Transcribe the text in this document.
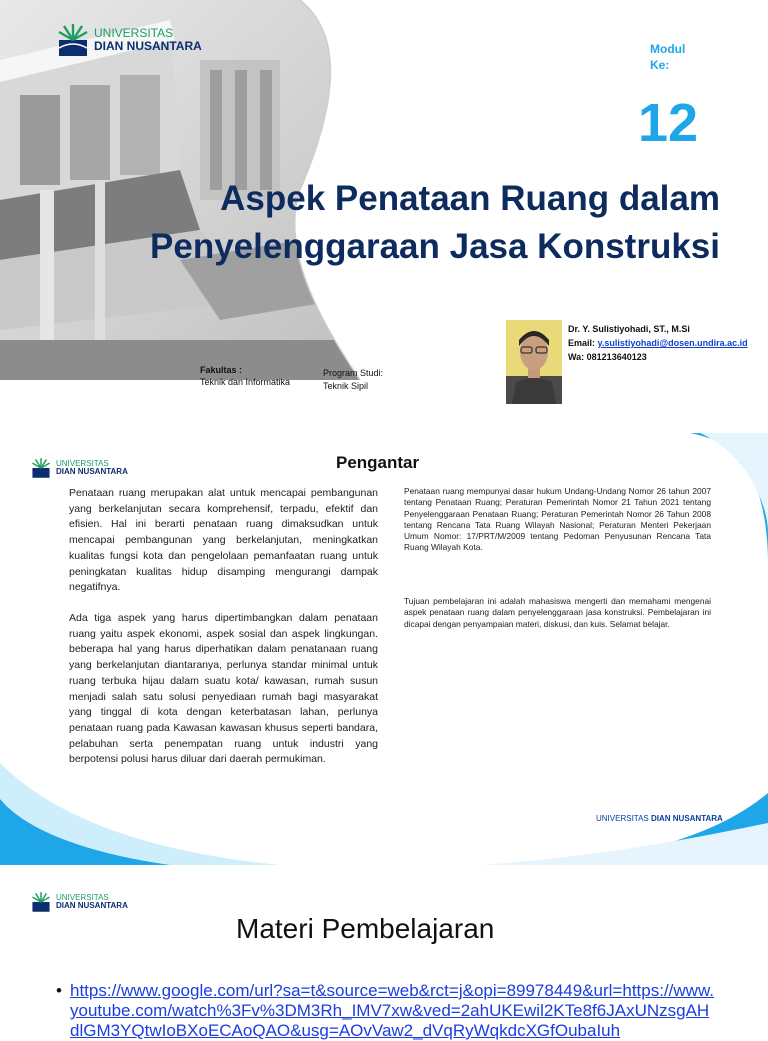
UNIVERSITAS
DIAN NUSANTARA	Modul
Ke:
12
Aspek Penataan Ruang dalam
Penyelenggaraan Jasa Konstruksi
Dr. Y. Sulistiyohadi, ST., M.Si
Email: y.sulistiyohadi@dosen.undira.ac.id
Wa: 081213640123
Fakultas :
Teknik dan Informatika
Program Studi:
Teknik Sipil
UNIVERSITAS
DIAN NUSANTARA	Pengantar

Penataan ruang merupakan alat untuk mencapai pembangunan yang berkelanjutan secara komprehensif, terpadu, efektif dan efisien. Hal ini berarti penataan ruang dimaksudkan untuk mencapai pembangunan yang berkelanjutan, meningkatkan kualitas fungsi kota dan pengelolaan pemanfaatan ruang untuk peningkatan kualitas hidup disamping mengurangi dampak negatifnya.

Ada tiga aspek yang harus dipertimbangkan dalam penataan ruang yaitu aspek ekonomi, aspek sosial dan aspek lingkungan. beberapa hal yang harus diperhatikan dalam penatanaan ruang yang berkelanjutan diantaranya, perlunya standar minimal untuk ruang terbuka hijau dalam suatu kota/ kawasan, rumah susun menjadi salah satu solusi penyediaan rumah bagi masyarakat yang tinggal di kota dengan keterbatasan lahan, perlunya penataan ruang pada Kawasan kawasan khusus seperti bandara, pelabuhan serta penempatan ruang untuk industri yang berpotensi polusi harus diluar dari daerah permukiman.

Penataan ruang mempunyai dasar hukum Undang-Undang Nomor 26 tahun 2007 tentang Penataan Ruang; Peraturan Pemerintah Nomor 21 Tahun 2021 tentang Penyelenggaraan Penataan Ruang; Peraturan Pemerintah Nomor 26 Tahun 2008 tentang Rencana Tata Ruang Wilayah Nasional; Peraturan Menteri Pekerjaan Umum Nomor: 17/PRT/M/2009 tentang Pedoman Penyusunan Rencana Tata Ruang Wilayah Kota.

Tujuan pembelajaran ini adalah mahasiswa mengerti dan memahami mengenai aspek penataan ruang dalam penyelenggaraan jasa konstruksi. Pembelajaran ini dicapai dengan penyampaian materi, diskusi, dan kuis. Selamat belajar.

UNIVERSITAS DIAN NUSANTARA
UNIVERSITAS
DIAN NUSANTARA
Materi Pembelajaran
• https://www.google.com/url?sa=t&source=web&rct=j&opi=89978449&url=https://www.youtube.com/watch%3Fv%3DM3Rh_IMV7xw&ved=2ahUKEwil2KTe8f6JAxUNzsgAHdlGM3YQtwIoBXoECAoQAO&usg=AOvVaw2_dVqRyWqkdcXGfOubaIuh
